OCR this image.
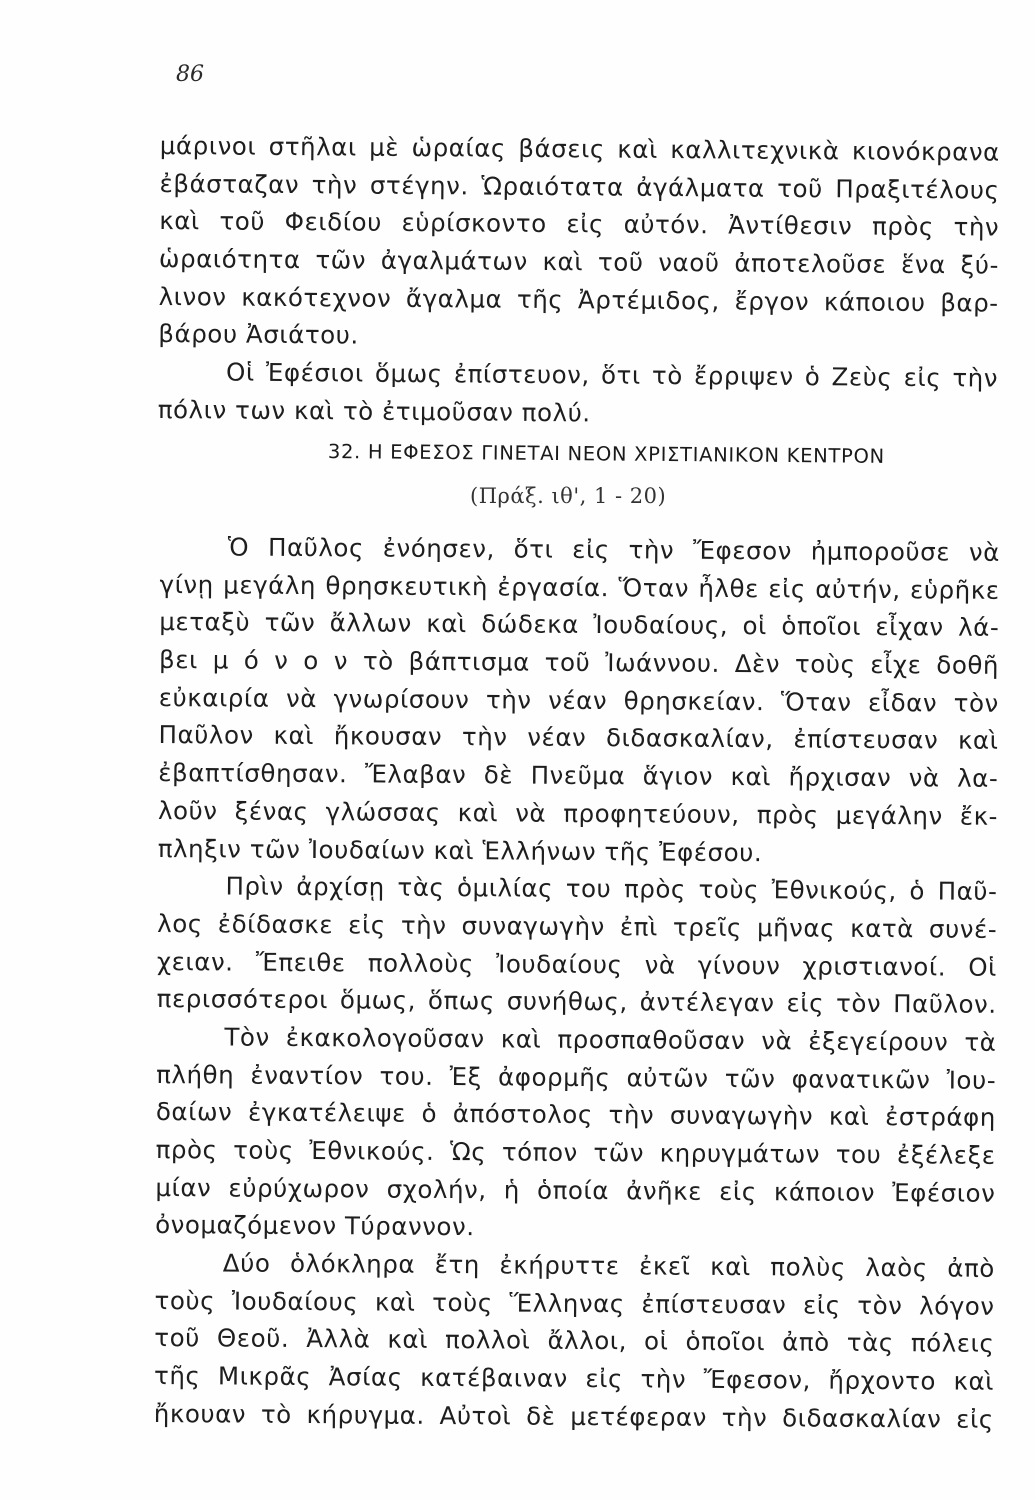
86
μάρινοι στῆλαι μὲ ὡραίας βάσεις καὶ καλλιτεχνικὰ κιονόκρανα
ἐβάσταζαν τὴν στέγην. Ὡραιότατα ἀγάλματα τοῦ Πραξιτέλους
καὶ τοῦ Φειδίου εὑρίσκοντο εἰς αὐτόν. Ἀντίθεσιν πρὸς τὴν
ὡραιότητα τῶν ἀγαλμάτων καὶ τοῦ ναοῦ ἀποτελοῦσε ἕνα ξύ-
λινον κακότεχνον ἄγαλμα τῆς Ἀρτέμιδος, ἔργον κάποιου βαρ-
βάρου Ἀσιάτου.
Οἱ Ἐφέσιοι ὅμως ἐπίστευον, ὅτι τὸ ἔρριψεν ὁ Ζεὺς εἰς τὴν
πόλιν των καὶ τὸ ἐτιμοῦσαν πολύ.
32. Η ΕΦΕΣΟΣ ΓΙΝΕΤΑΙ ΝΕΟΝ ΧΡΙΣΤΙΑΝΙΚΟΝ ΚΕΝΤΡΟΝ
(Πράξ. ιθ', 1 - 20)
Ὁ Παῦλος ἐνόησεν, ὅτι εἰς τὴν Ἔφεσον ἠμποροῦσε νὰ
γίνῃ μεγάλη θρησκευτικὴ ἐργασία. Ὅταν ἦλθε εἰς αὐτήν, εὑρῆκε
μεταξὺ τῶν ἄλλων καὶ δώδεκα Ἰουδαίους, οἱ ὁποῖοι εἶχαν λά-
βει μ ό ν ο ν τὸ βάπτισμα τοῦ Ἰωάννου. Δὲν τοὺς εἶχε δοθῆ
εὐκαιρία νὰ γνωρίσουν τὴν νέαν θρησκείαν. Ὅταν εἶδαν τὸν
Παῦλον καὶ ἤκουσαν τὴν νέαν διδασκαλίαν, ἐπίστευσαν καὶ
ἐβαπτίσθησαν. Ἔλαβαν δὲ Πνεῦμα ἅγιον καὶ ἤρχισαν νὰ λα-
λοῦν ξένας γλώσσας καὶ νὰ προφητεύουν, πρὸς μεγάλην ἔκ-
πληξιν τῶν Ἰουδαίων καὶ Ἑλλήνων τῆς Ἐφέσου.
Πρὶν ἀρχίσῃ τὰς ὁμιλίας του πρὸς τοὺς Ἐθνικούς, ὁ Παῦ-
λος ἐδίδασκε εἰς τὴν συναγωγὴν ἐπὶ τρεῖς μῆνας κατὰ συνέ-
χειαν. Ἔπειθε πολλοὺς Ἰουδαίους νὰ γίνουν χριστιανοί. Οἱ
περισσότεροι ὅμως, ὅπως συνήθως, ἀντέλεγαν εἰς τὸν Παῦλον.
Τὸν ἐκακολογοῦσαν καὶ προσπαθοῦσαν νὰ ἐξεγείρουν τὰ
πλήθη ἐναντίον του. Ἐξ ἀφορμῆς αὐτῶν τῶν φανατικῶν Ἰου-
δαίων ἐγκατέλειψε ὁ ἀπόστολος τὴν συναγωγὴν καὶ ἐστράφη
πρὸς τοὺς Ἐθνικούς. Ὡς τόπον τῶν κηρυγμάτων του ἐξέλεξε
μίαν εὐρύχωρον σχολήν, ἡ ὁποία ἀνῆκε εἰς κάποιον Ἐφέσιον
ὀνομαζόμενον Τύραννον.
Δύο ὁλόκληρα ἔτη ἐκήρυττε ἐκεῖ καὶ πολὺς λαὸς ἀπὸ
τοὺς Ἰουδαίους καὶ τοὺς Ἕλληνας ἐπίστευσαν εἰς τὸν λόγον
τοῦ Θεοῦ. Ἀλλὰ καὶ πολλοὶ ἄλλοι, οἱ ὁποῖοι ἀπὸ τὰς πόλεις
τῆς Μικρᾶς Ἀσίας κατέβαιναν εἰς τὴν Ἔφεσον, ἤρχοντο καὶ
ἤκουαν τὸ κήρυγμα. Αὐτοὶ δὲ μετέφεραν τὴν διδασκαλίαν εἰς
